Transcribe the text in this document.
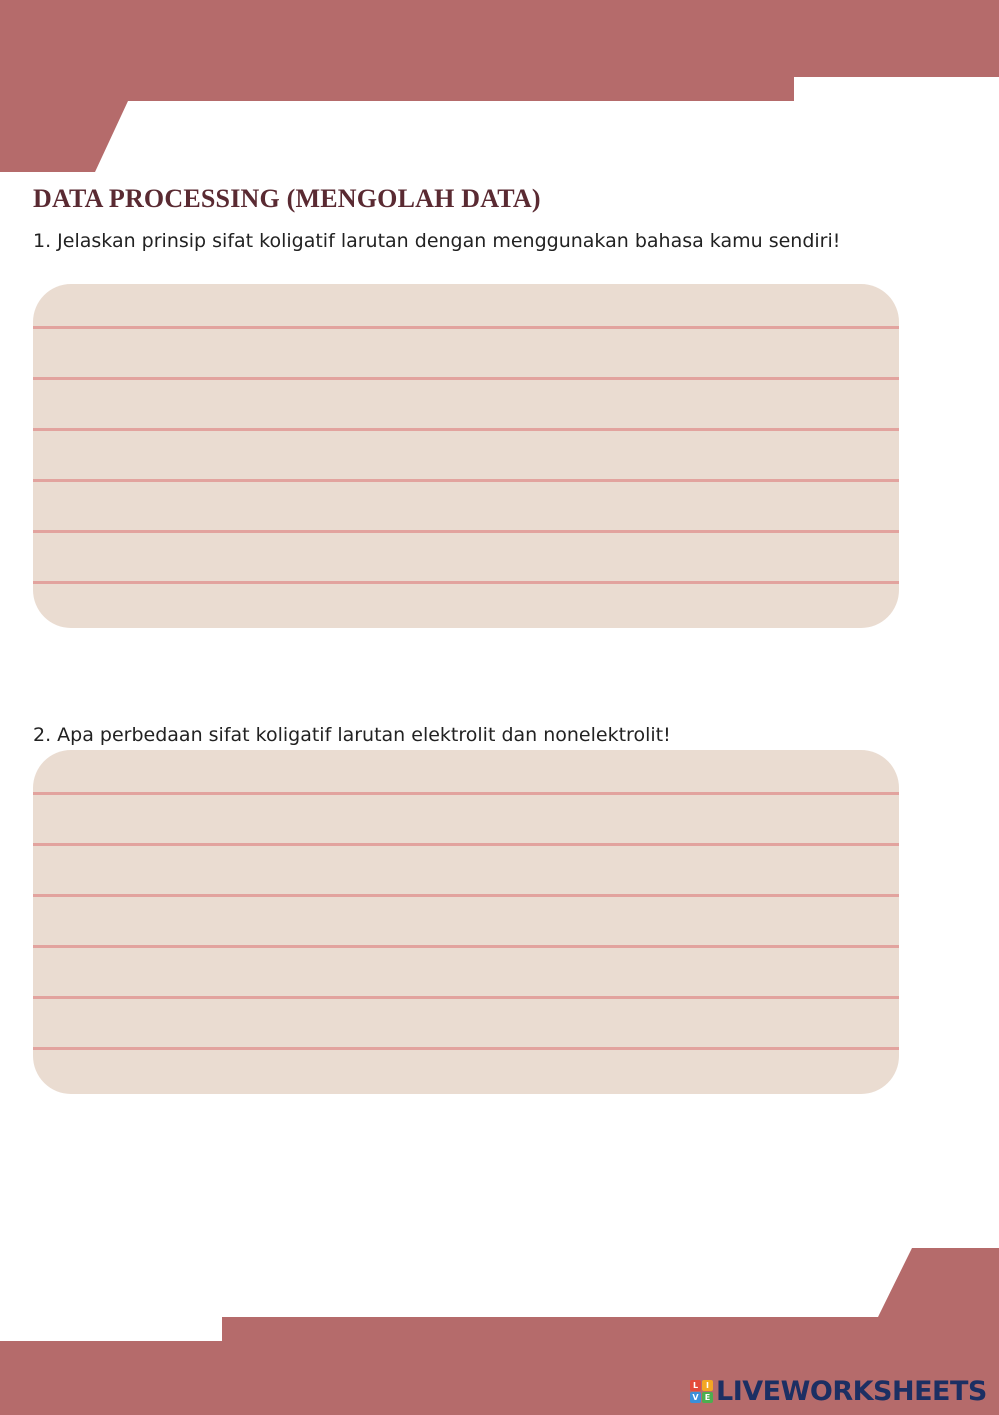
DATA PROCESSING (MENGOLAH DATA)

1. Jelaskan prinsip sifat koligatif larutan dengan menggunakan bahasa kamu sendiri!

2. Apa perbedaan sifat koligatif larutan elektrolit dan nonelektrolit!

L I
V E LIVEWORKSHEETS
